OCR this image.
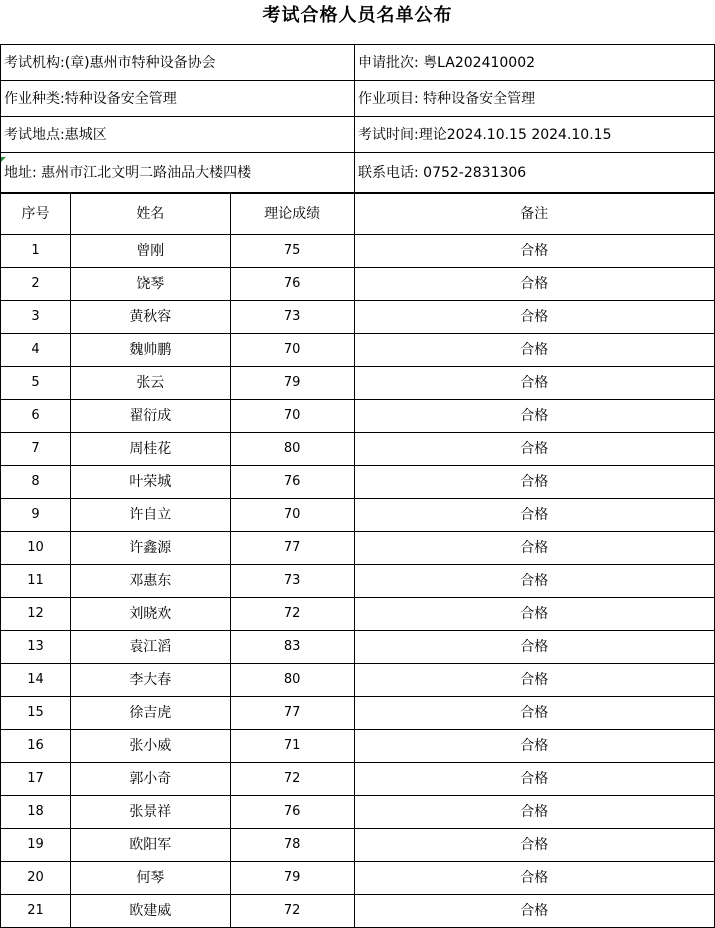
考试合格人员名单公布
考试机构:(章)惠州市特种设备协会	申请批次: 粤LA202410002
作业种类:特种设备安全管理	作业项目: 特种设备安全管理
考试地点:惠城区	考试时间:理论2024.10.15 2024.10.15
地址: 惠州市江北文明二路油品大楼四楼	联系电话: 0752-2831306
序号	姓名	理论成绩	备注
1	曾刚	75	合格
2	饶琴	76	合格
3	黄秋容	73	合格
4	魏帅鹏	70	合格
5	张云	79	合格
6	翟衍成	70	合格
7	周桂花	80	合格
8	叶荣城	76	合格
9	许自立	70	合格
10	许鑫源	77	合格
11	邓惠东	73	合格
12	刘晓欢	72	合格
13	袁江滔	83	合格
14	李大春	80	合格
15	徐吉虎	77	合格
16	张小威	71	合格
17	郭小奇	72	合格
18	张景祥	76	合格
19	欧阳军	78	合格
20	何琴	79	合格
21	欧建威	72	合格
